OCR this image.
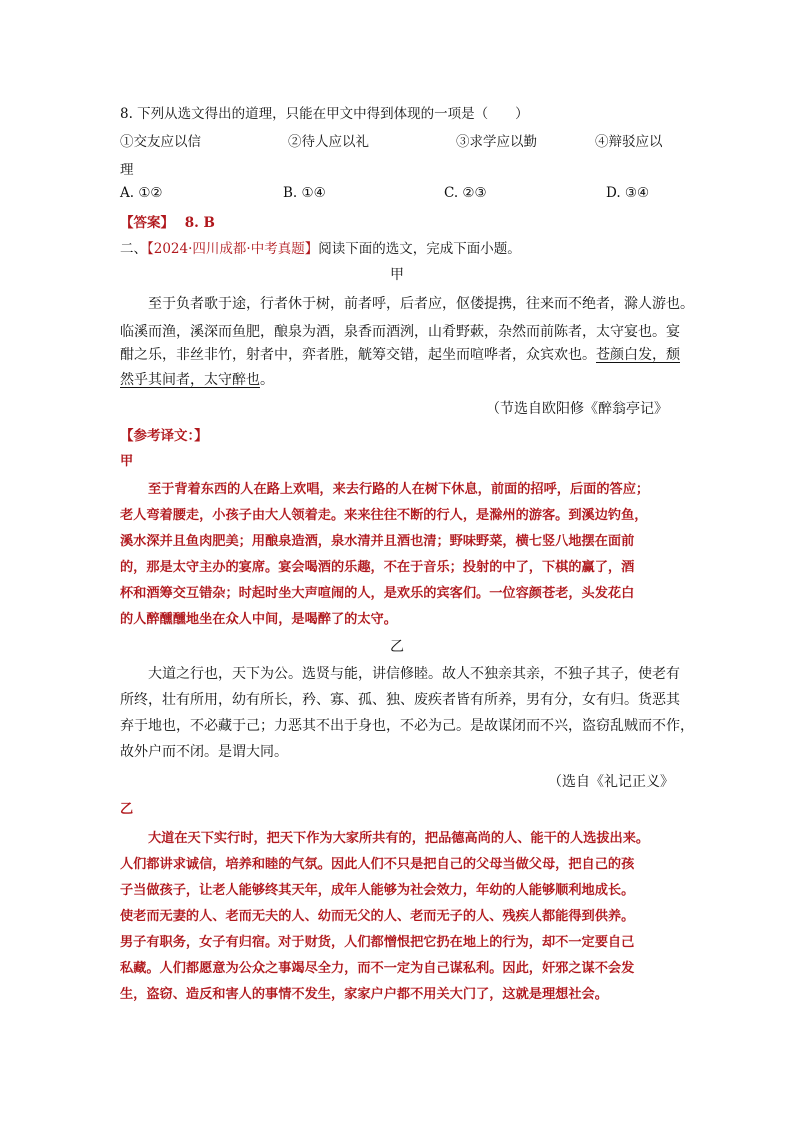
8. 下列从选文得出的道理，只能在甲文中得到体现的一项是（　　）
①交友应以信	②待人应以礼	③求学应以勤	④辩驳应以
理
A. ①②	B. ①④	C. ②③	D. ③④
【答案】 8. B
二、【2024·四川成都·中考真题】阅读下面的选文，完成下面小题。
甲
至于负者歌于途，行者休于树，前者呼，后者应，伛偻提携，往来而不绝者，滁人游也。
临溪而渔，溪深而鱼肥，酿泉为酒，泉香而酒洌，山肴野蔌，杂然而前陈者，太守宴也。宴
酣之乐，非丝非竹，射者中，弈者胜，觥筹交错，起坐而喧哗者，众宾欢也。苍颜白发，颓
然乎其间者，太守醉也。
（节选自欧阳修《醉翁亭记》
【参考译文：】
甲
至于背着东西的人在路上欢唱，来去行路的人在树下休息，前面的招呼，后面的答应；
老人弯着腰走，小孩子由大人领着走。来来往往不断的行人，是滁州的游客。到溪边钓鱼，
溪水深并且鱼肉肥美；用酿泉造酒，泉水清并且酒也清；野味野菜，横七竖八地摆在面前
的，那是太守主办的宴席。宴会喝酒的乐趣，不在于音乐；投射的中了，下棋的赢了，酒
杯和酒筹交互错杂；时起时坐大声喧闹的人，是欢乐的宾客们。一位容颜苍老，头发花白
的人醉醺醺地坐在众人中间，是喝醉了的太守。
乙
大道之行也，天下为公。选贤与能，讲信修睦。故人不独亲其亲，不独子其子，使老有
所终，壮有所用，幼有所长，矜、寡、孤、独、废疾者皆有所养，男有分，女有归。货恶其
弃于地也，不必藏于己；力恶其不出于身也，不必为己。是故谋闭而不兴，盗窃乱贼而不作，
故外户而不闭。是谓大同。
（选自《礼记正义》
乙
大道在天下实行时，把天下作为大家所共有的，把品德高尚的人、能干的人选拔出来。
人们都讲求诚信，培养和睦的气氛。因此人们不只是把自己的父母当做父母，把自己的孩
子当做孩子，让老人能够终其天年，成年人能够为社会效力，年幼的人能够顺利地成长。
使老而无妻的人、老而无夫的人、幼而无父的人、老而无子的人、残疾人都能得到供养。
男子有职务，女子有归宿。对于财货，人们都憎恨把它扔在地上的行为，却不一定要自己
私藏。人们都愿意为公众之事竭尽全力，而不一定为自己谋私利。因此，奸邪之谋不会发
生，盗窃、造反和害人的事情不发生，家家户户都不用关大门了，这就是理想社会。
